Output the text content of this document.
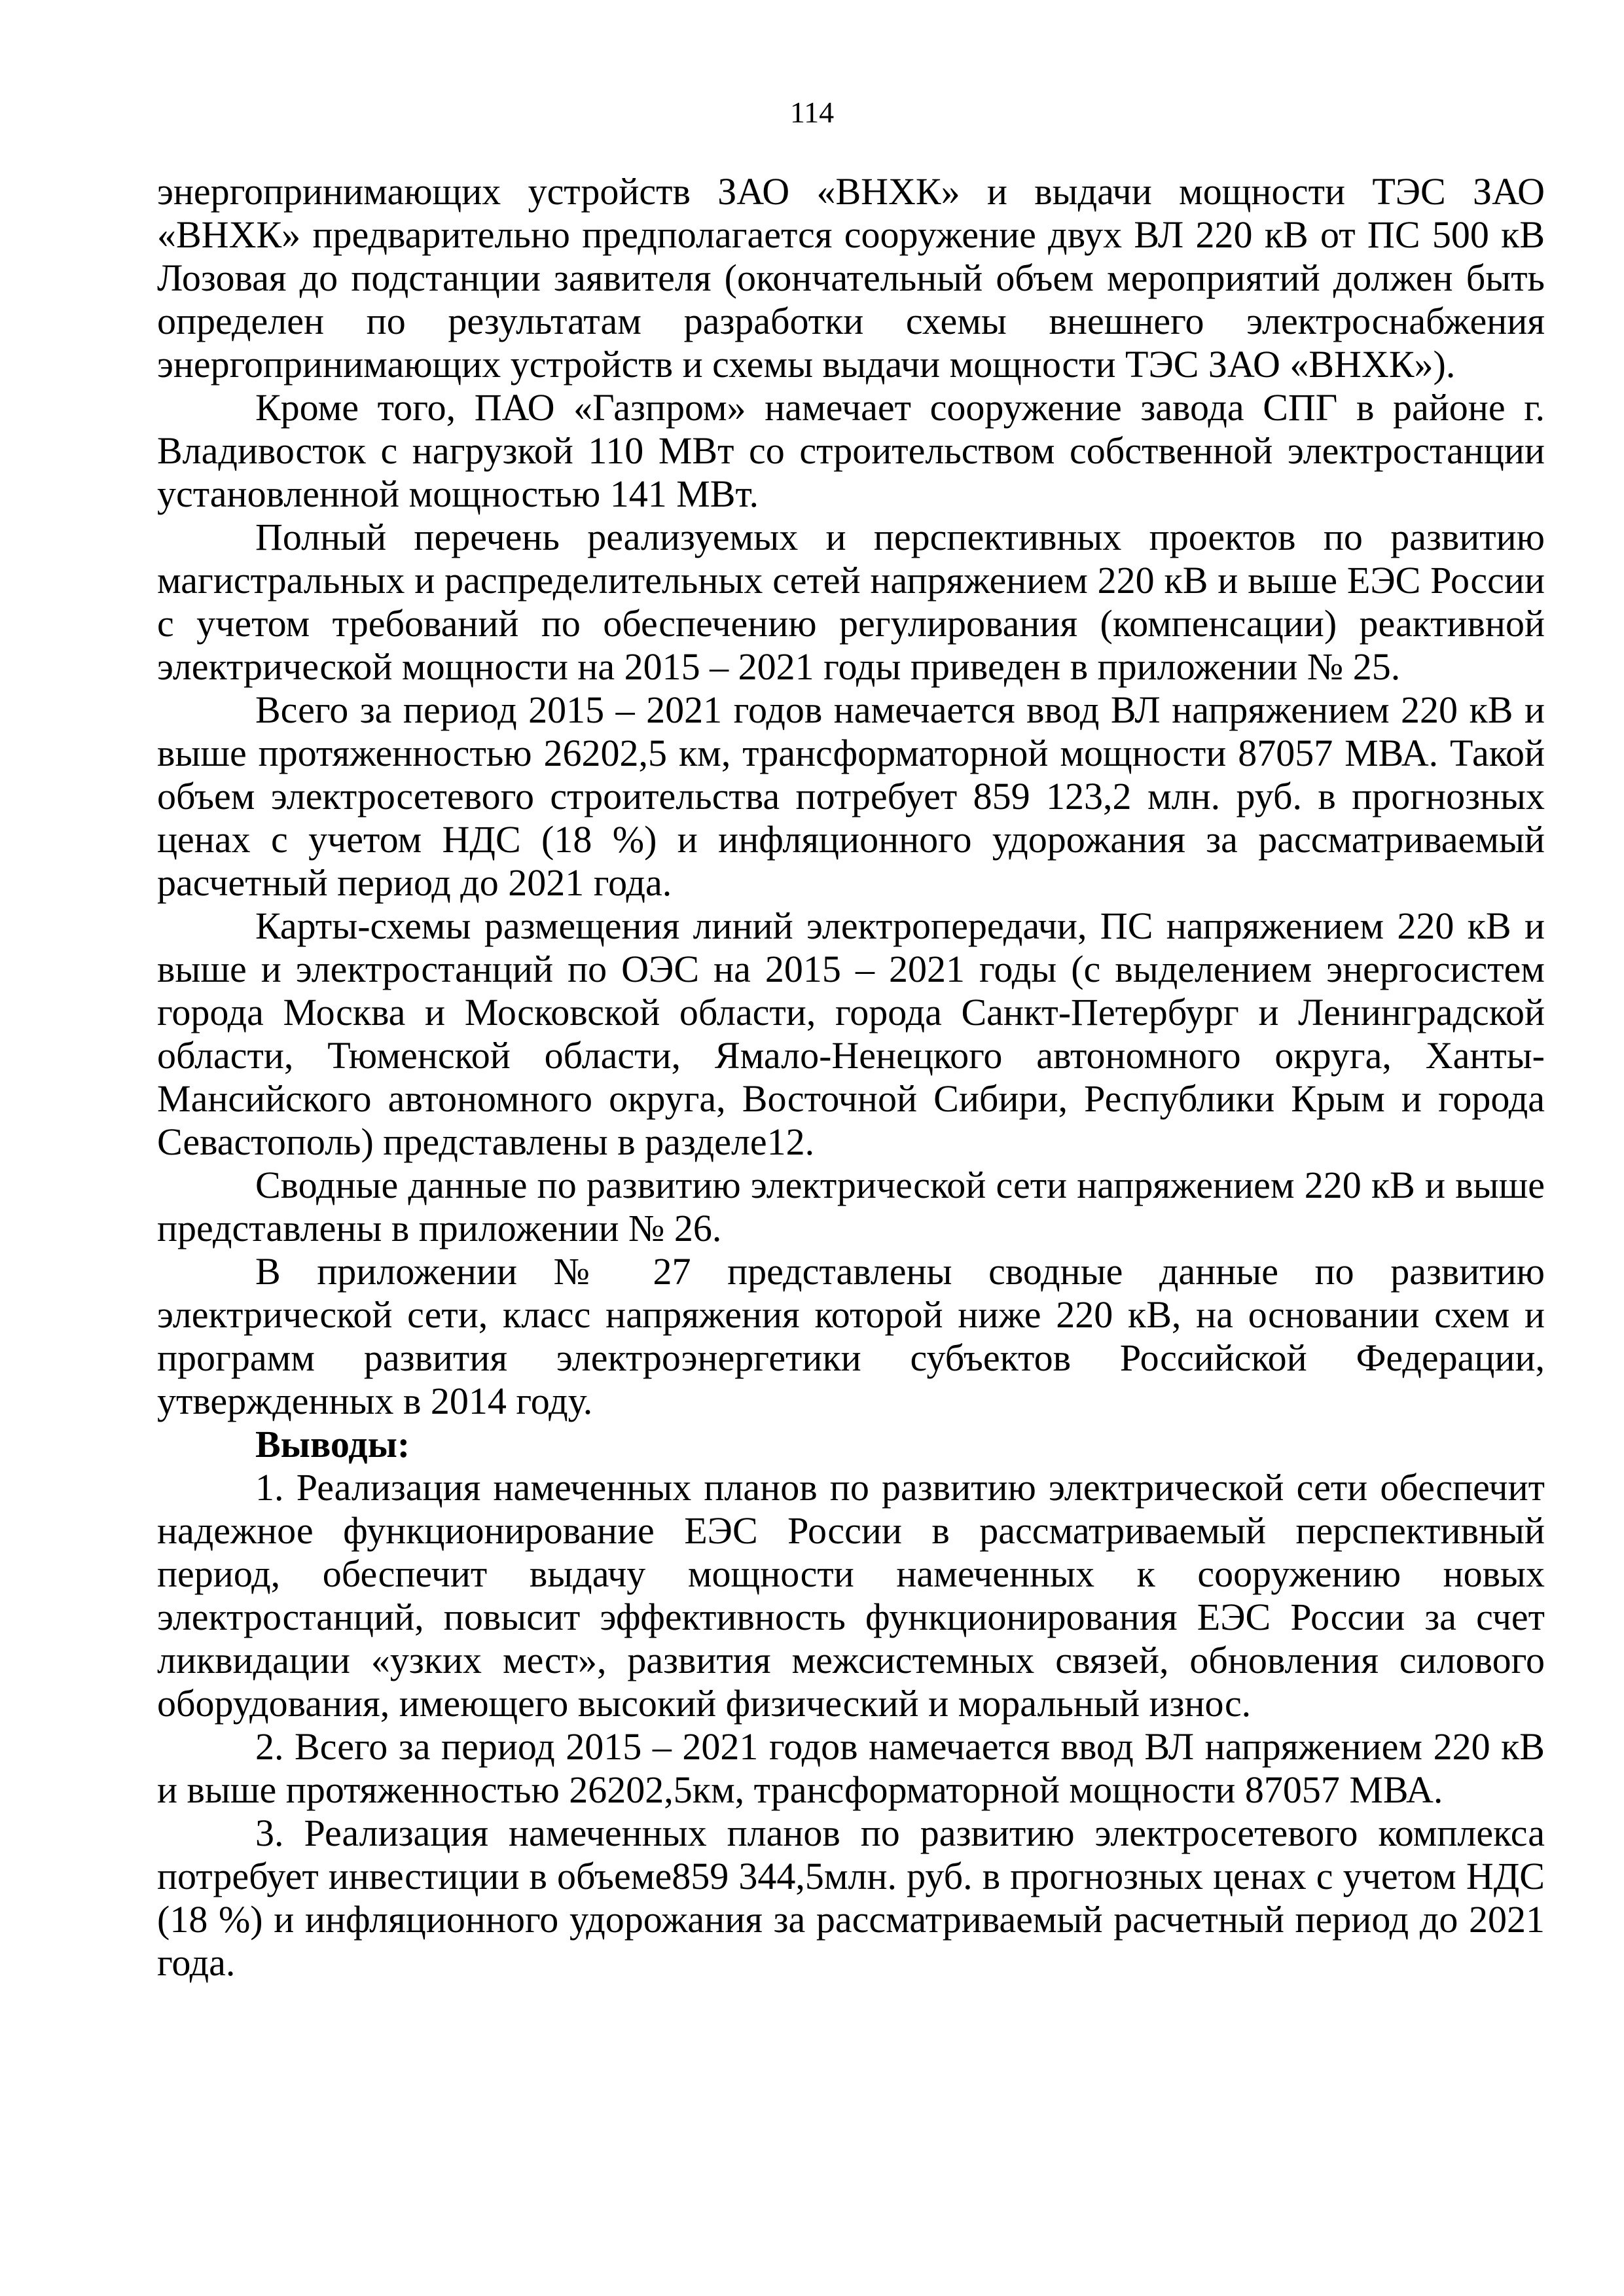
114

энергопринимающих устройств ЗАО «ВНХК» и выдачи мощности ТЭС ЗАО «ВНХК» предварительно предполагается сооружение двух ВЛ 220 кВ от ПС 500 кВ Лозовая до подстанции заявителя (окончательный объем мероприятий должен быть определен по результатам разработки схемы внешнего электроснабжения энергопринимающих устройств и схемы выдачи мощности ТЭС ЗАО «ВНХК»).

Кроме того, ПАО «Газпром» намечает сооружение завода СПГ в районе г. Владивосток с нагрузкой 110 МВт со строительством собственной электростанции установленной мощностью 141 МВт.

Полный перечень реализуемых и перспективных проектов по развитию магистральных и распределительных сетей напряжением 220 кВ и выше ЕЭС России с учетом требований по обеспечению регулирования (компенсации) реактивной электрической мощности на 2015 – 2021 годы приведен в приложении № 25.

Всего за период 2015 – 2021 годов намечается ввод ВЛ напряжением 220 кВ и выше протяженностью 26202,5 км, трансформаторной мощности 87057 МВА. Такой объем электросетевого строительства потребует 859 123,2 млн. руб. в прогнозных ценах с учетом НДС (18 %) и инфляционного удорожания за рассматриваемый расчетный период до 2021 года.

Карты-схемы размещения линий электропередачи, ПС напряжением 220 кВ и выше и электростанций по ОЭС на 2015 – 2021 годы (с выделением энергосистем города Москва и Московской области, города Санкт-Петербург и Ленинградской области, Тюменской области, Ямало-Ненецкого автономного округа, Ханты-Мансийского автономного округа, Восточной Сибири, Республики Крым и города Севастополь) представлены в разделе12.

Сводные данные по развитию электрической сети напряжением 220 кВ и выше представлены в приложении № 26.

В приложении № 27 представлены сводные данные по развитию электрической сети, класс напряжения которой ниже 220 кВ, на основании схем и программ развития электроэнергетики субъектов Российской Федерации, утвержденных в 2014 году.

Выводы:

1. Реализация намеченных планов по развитию электрической сети обеспечит надежное функционирование ЕЭС России в рассматриваемый перспективный период, обеспечит выдачу мощности намеченных к сооружению новых электростанций, повысит эффективность функционирования ЕЭС России за счет ликвидации «узких мест», развития межсистемных связей, обновления силового оборудования, имеющего высокий физический и моральный износ.

2. Всего за период 2015 – 2021 годов намечается ввод ВЛ напряжением 220 кВ и выше протяженностью 26202,5км, трансформаторной мощности 87057 МВА.

3. Реализация намеченных планов по развитию электросетевого комплекса потребует инвестиции в объеме859 344,5млн. руб. в прогнозных ценах с учетом НДС (18 %) и инфляционного удорожания за рассматриваемый расчетный период до 2021 года.
